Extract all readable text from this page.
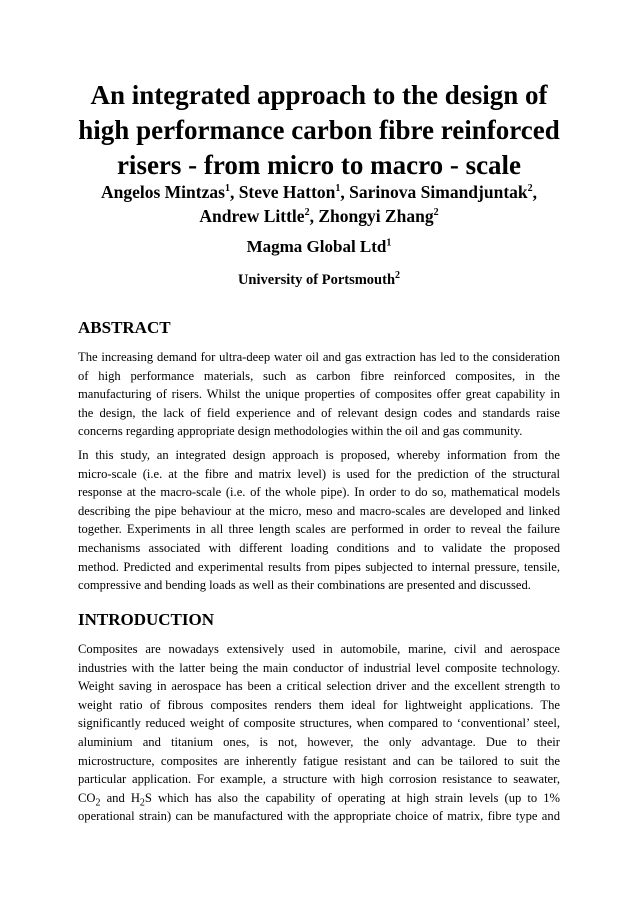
An integrated approach to the design of
high performance carbon fibre reinforced
risers - from micro to macro - scale
Angelos Mintzas$^1$, Steve Hatton$^1$, Sarinova Simandjuntak$^2$,
Andrew Little$^2$, Zhongyi Zhang$^2$
Magma Global Ltd$^1$
University of Portsmouth$^2$
ABSTRACT
The increasing demand for ultra-deep water oil and gas extraction has led to the consideration
of high performance materials, such as carbon fibre reinforced composites, in the
manufacturing of risers. Whilst the unique properties of composites offer great capability in
the design, the lack of field experience and of relevant design codes and standards raise
concerns regarding appropriate design methodologies within the oil and gas community.
In this study, an integrated design approach is proposed, whereby information from the
micro-scale (i.e. at the fibre and matrix level) is used for the prediction of the structural
response at the macro-scale (i.e. of the whole pipe). In order to do so, mathematical models
describing the pipe behaviour at the micro, meso and macro-scales are developed and linked
together. Experiments in all three length scales are performed in order to reveal the failure
mechanisms associated with different loading conditions and to validate the proposed
method. Predicted and experimental results from pipes subjected to internal pressure, tensile,
compressive and bending loads as well as their combinations are presented and discussed.
INTRODUCTION
Composites are nowadays extensively used in automobile, marine, civil and aerospace
industries with the latter being the main conductor of industrial level composite technology.
Weight saving in aerospace has been a critical selection driver and the excellent strength to
weight ratio of fibrous composites renders them ideal for lightweight applications. The
significantly reduced weight of composite structures, when compared to ‘conventional’ steel,
aluminium and titanium ones, is not, however, the only advantage. Due to their
microstructure, composites are inherently fatigue resistant and can be tailored to suit the
particular application. For example, a structure with high corrosion resistance to seawater,
$CO_2$ and $H_2S$ which has also the capability of operating at high strain levels (up to 1%
operational strain) can be manufactured with the appropriate choice of matrix, fibre type and
